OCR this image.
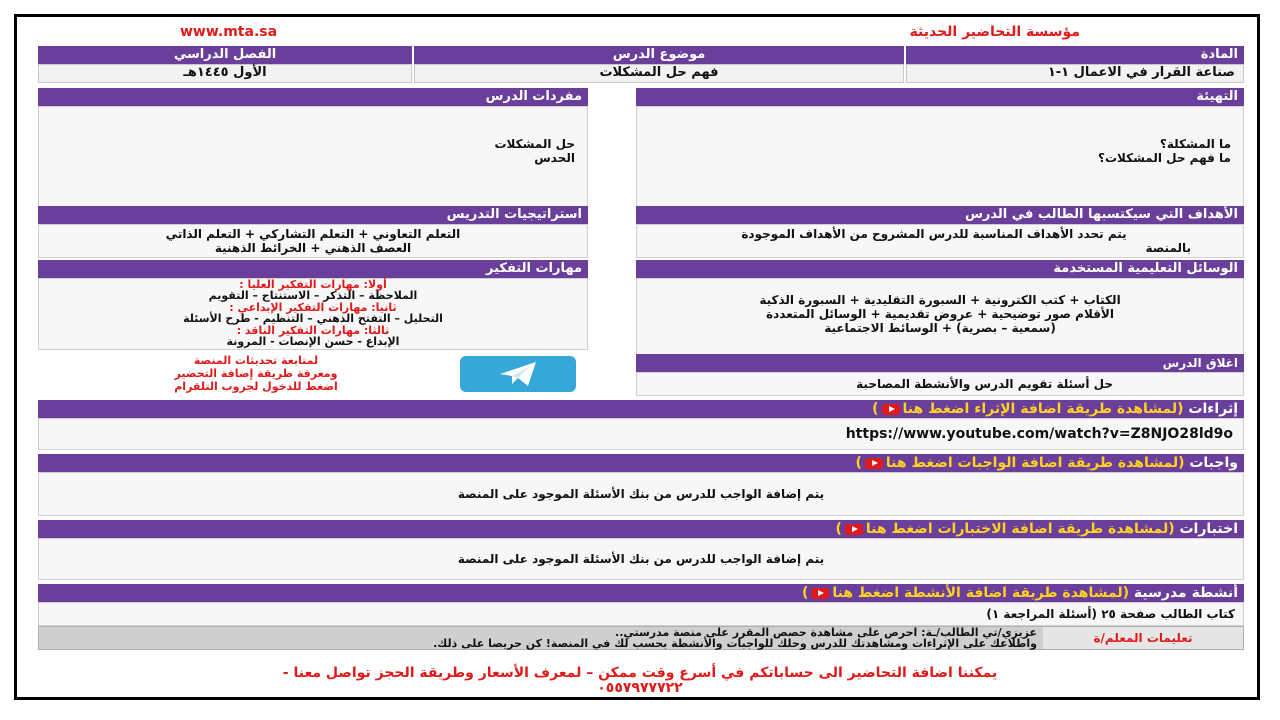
www.mta.sa	مؤسسة التحاضير الحديثة
المادة
صناعة القرار في الاعمال ١-١
موضوع الدرس
فهم حل المشكلات
الفصل الدراسي
الأول ١٤٤٥هـ
التهيئة
ما المشكلة؟
ما فهم حل المشكلات؟
مفردات الدرس
حل المشكلات
الحدس
الأهداف التي سيكتسبها الطالب في الدرس
يتم تحدد الأهداف المناسبة للدرس المشروح من الأهداف الموجودة
بالمنصة
استراتيجيات التدريس
التعلم التعاوني + التعلم التشاركي + التعلم الذاتي
العصف الذهني + الخرائط الذهنية
الوسائل التعليمية المستخدمة
الكتاب + كتب الكترونية + السبورة التقليدية + السبورة الذكية
الأقلام صور توضيحية + عروض تقديمية + الوسائل المتعددة
(سمعية – بصرية) + الوسائط الاجتماعية
مهارات التفكير
أولا: مهارات التفكير العليا :
الملاحظة – التذكر – الاستنتاج – التقويم
ثانيا: مهارات التفكير الإبداعي :
التحليل – التفتح الذهني – التنظيم - طرح الأسئلة
ثالثا: مهارات التفكير الناقد :
الإبداع - حسن الإنصات - المرونة
لمتابعة تحديثات المنصة
ومعرفة طريقة إضافة التحضير
اضغط للدخول لجروب التلقرام
اغلاق الدرس
حل أسئلة تقويم الدرس والأنشطة المصاحبة
إثراءات (لمشاهدة طريقة اضافة الإثراء اضغط هنا)
https://www.youtube.com/watch?v=Z8NJO28ld9o
واجبات (لمشاهدة طريقة اضافة الواجبات اضغط هنا)
يتم إضافة الواجب للدرس من بنك الأسئلة الموجود على المنصة
اختبارات (لمشاهدة طريقة اضافة الاختبارات اضغط هنا)
يتم إضافة الواجب للدرس من بنك الأسئلة الموجود على المنصة
أنشطة مدرسية (لمشاهدة طريقة اضافة الأنشطة اضغط هنا)
كتاب الطالب صفحة ٢٥ (أسئلة المراجعة ١)
تعليمات المعلم/ة
عزيزي/تي الطالب/ـة: احرص على مشاهدة حصص المقرر على منصة مدرستي..
واطلاعك على الإثراءات ومشاهدتك للدرس وحلك للواجبات والأنشطة بحسب لك في المنصة! كن حريصا على ذلك.
يمكننا اضافة التحاضير الى حساباتكم في أسرع وقت ممكن – لمعرف الأسعار وطريقة الحجز تواصل معنا -
٠٥٥٧٩٧٧٧٢٢
